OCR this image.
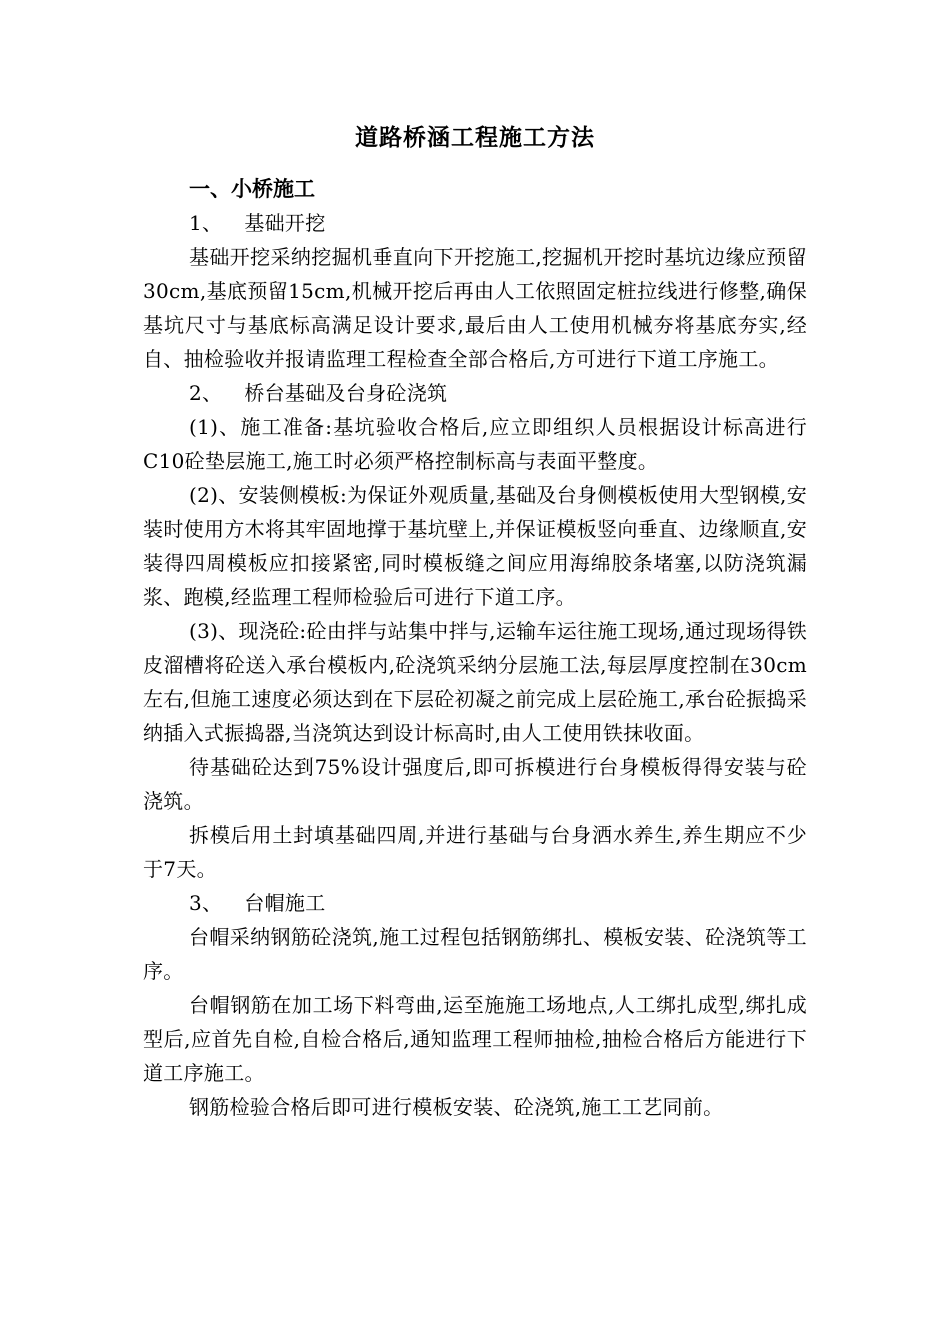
道路桥涵工程施工方法
一、小桥施工

1、 基础开挖

基础开挖采纳挖掘机垂直向下开挖施工,挖掘机开挖时基坑边缘应预留30cm,基底预留15cm,机械开挖后再由人工依照固定桩拉线进行修整,确保基坑尺寸与基底标高满足设计要求,最后由人工使用机械夯将基底夯实,经自、抽检验收并报请监理工程检查全部合格后,方可进行下道工序施工。

2、 桥台基础及台身砼浇筑

(1)、施工准备:基坑验收合格后,应立即组织人员根据设计标高进行C10砼垫层施工,施工时必须严格控制标高与表面平整度。

(2)、安装侧模板:为保证外观质量,基础及台身侧模板使用大型钢模,安装时使用方木将其牢固地撑于基坑壁上,并保证模板竖向垂直、边缘顺直,安装得四周模板应扣接紧密,同时模板缝之间应用海绵胶条堵塞,以防浇筑漏浆、跑模,经监理工程师检验后可进行下道工序。

(3)、现浇砼:砼由拌与站集中拌与,运输车运往施工现场,通过现场得铁皮溜槽将砼送入承台模板内,砼浇筑采纳分层施工法,每层厚度控制在30cm左右,但施工速度必须达到在下层砼初凝之前完成上层砼施工,承台砼振捣采纳插入式振捣器,当浇筑达到设计标高时,由人工使用铁抹收面。

待基础砼达到75%设计强度后,即可拆模进行台身模板得得安装与砼浇筑。

拆模后用土封填基础四周,并进行基础与台身洒水养生,养生期应不少于7天。

3、 台帽施工

台帽采纳钢筋砼浇筑,施工过程包括钢筋绑扎、模板安装、砼浇筑等工序。

台帽钢筋在加工场下料弯曲,运至施施工场地点,人工绑扎成型,绑扎成型后,应首先自检,自检合格后,通知监理工程师抽检,抽检合格后方能进行下道工序施工。

钢筋检验合格后即可进行模板安装、砼浇筑,施工工艺同前。
